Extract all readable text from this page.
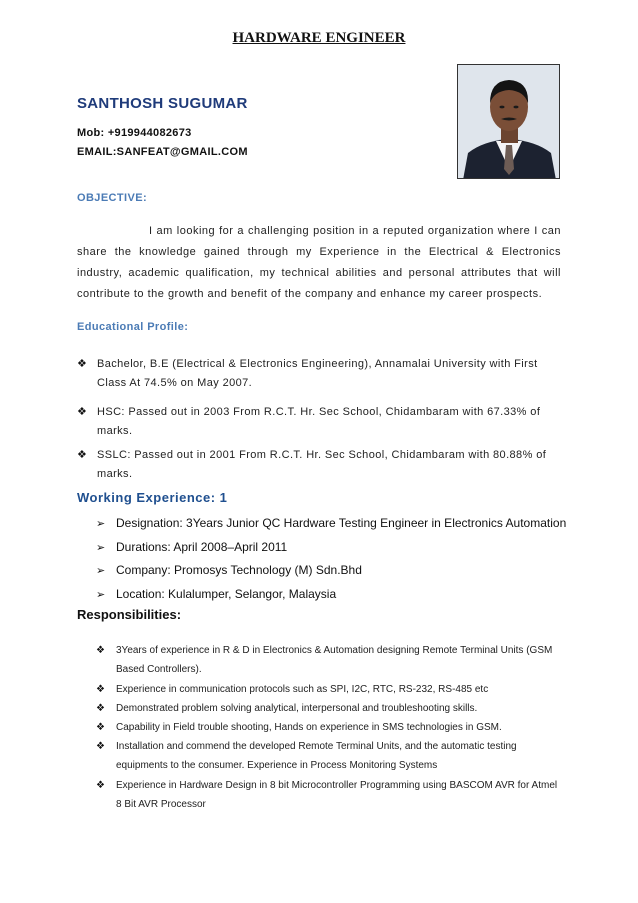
HARDWARE ENGINEER
SANTHOSH SUGUMAR
Mob: +919944082673
EMAIL:SANFEAT@GMAIL.COM
OBJECTIVE:

I am looking for a challenging position in a reputed organization where I can share the knowledge gained through my Experience in the Electrical & Electronics industry, academic qualification, my technical abilities and personal attributes that will contribute to the growth and benefit of the company and enhance my career prospects.

Educational Profile:
❖ Bachelor, B.E (Electrical & Electronics Engineering), Annamalai University with First Class At 74.5% on May 2007.
❖ HSC: Passed out in 2003 From R.C.T. Hr. Sec School, Chidambaram with 67.33% of marks.
❖ SSLC: Passed out in 2001 From R.C.T. Hr. Sec School, Chidambaram with 80.88% of marks.
Working Experience: 1
➢ Designation: 3Years Junior QC Hardware Testing Engineer in Electronics Automation
➢ Durations: April 2008–April 2011
➢ Company: Promosys Technology (M) Sdn.Bhd
➢ Location: Kulalumper, Selangor, Malaysia
Responsibilities:
❖ 3Years of experience in R & D in Electronics & Automation designing Remote Terminal Units (GSM Based Controllers).
❖ Experience in communication protocols such as SPI, I2C, RTC, RS-232, RS-485 etc
❖ Demonstrated problem solving analytical, interpersonal and troubleshooting skills.
❖ Capability in Field trouble shooting, Hands on experience in SMS technologies in GSM.
❖ Installation and commend the developed Remote Terminal Units, and the automatic testing equipments to the consumer. Experience in Process Monitoring Systems
❖ Experience in Hardware Design in 8 bit Microcontroller Programming using BASCOM AVR for Atmel 8 Bit AVR Processor
